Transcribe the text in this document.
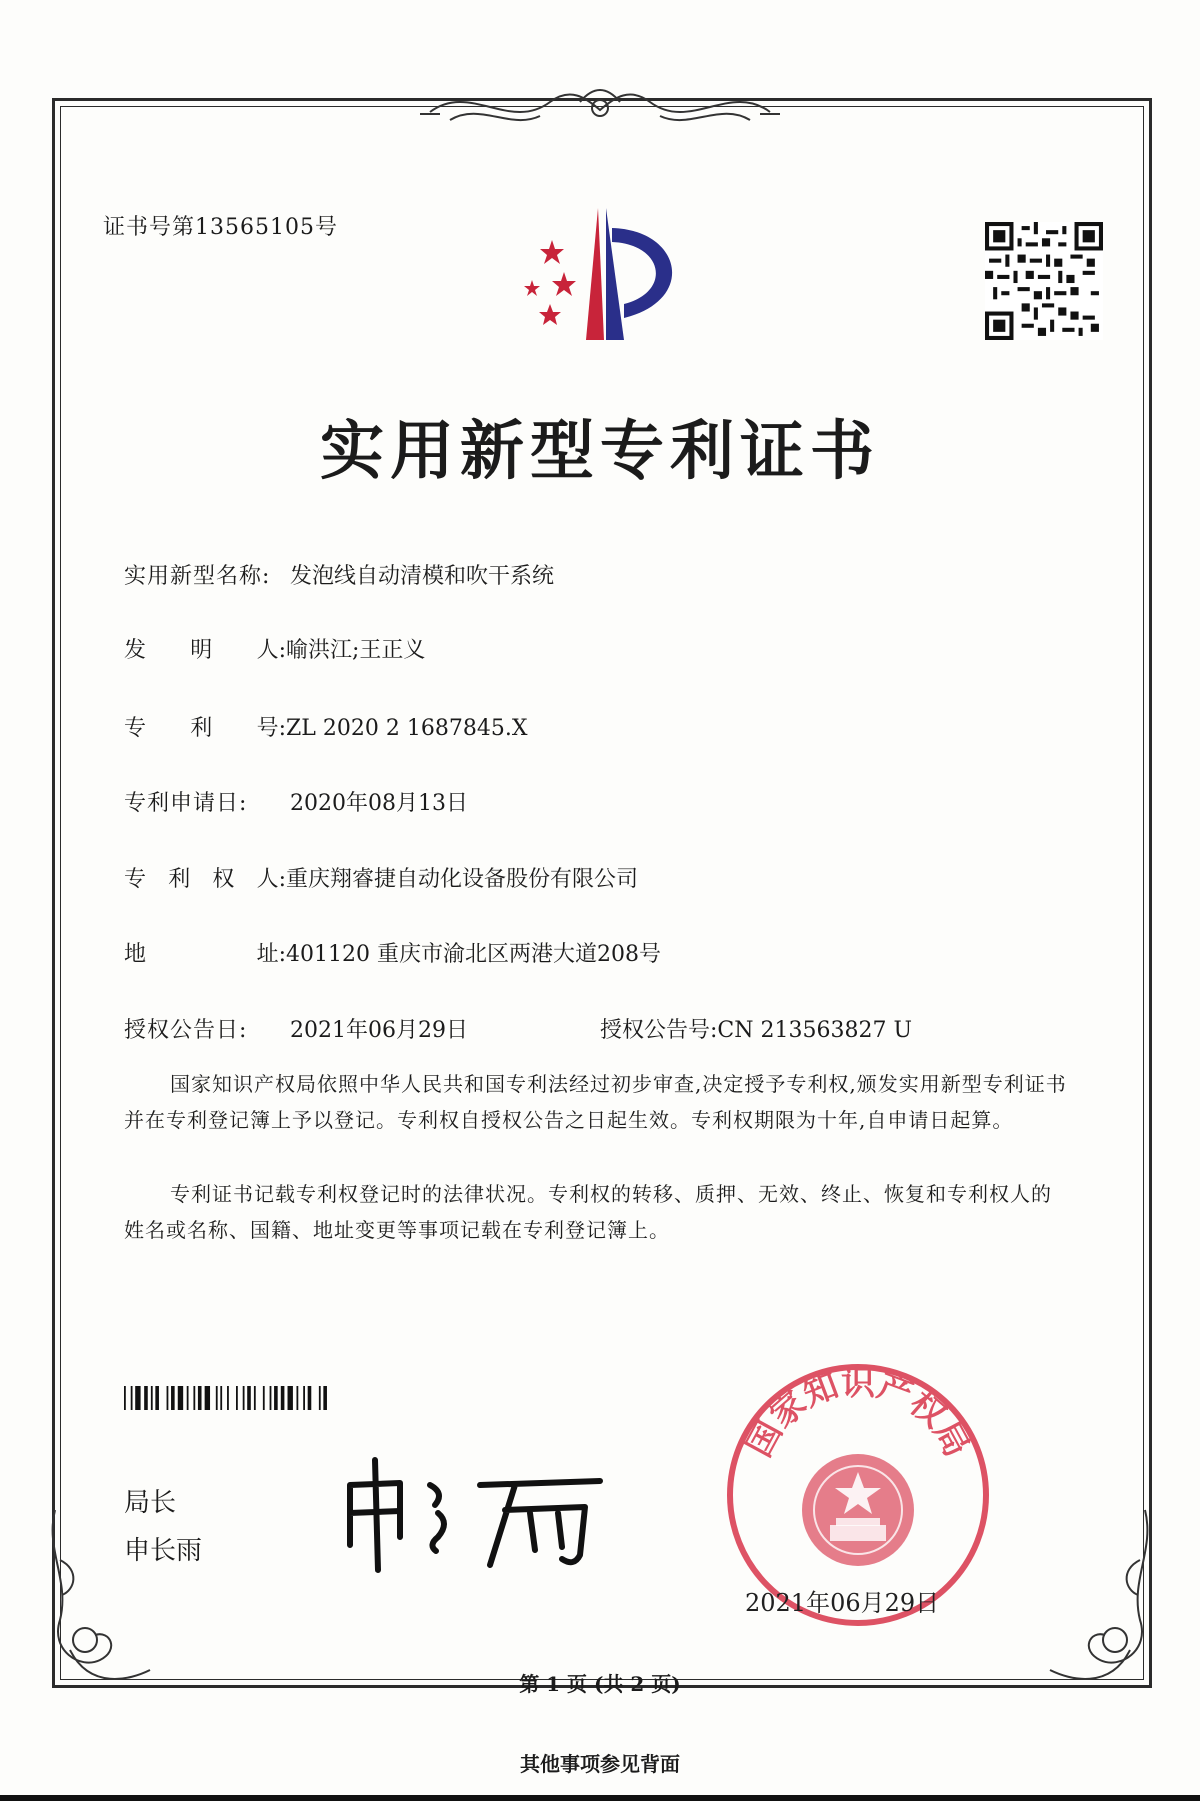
证书号第13565105号
实用新型专利证书
实用新型名称: 发泡线自动清模和吹干系统
发 明 人: 喻洪江;王正义
专 利 号: ZL 2020 2 1687845.X
专利申请日: 2020年08月13日
专 利 权 人: 重庆翔睿捷自动化设备股份有限公司
地	址: 401120 重庆市渝北区两港大道208号
授权公告日: 2021年06月29日	授权公告号:CN 213563827 U
国家知识产权局依照中华人民共和国专利法经过初步审查,决定授予专利权,颁发实用新型专利证书并在专利登记簿上予以登记。专利权自授权公告之日起生效。专利权期限为十年,自申请日起算。
专利证书记载专利权登记时的法律状况。专利权的转移、质押、无效、终止、恢复和专利权人的姓名或名称、国籍、地址变更等事项记载在专利登记簿上。
局长
申长雨
国家知识产权局
2021年06月29日
第 1 页 (共 2 页)
其他事项参见背面
